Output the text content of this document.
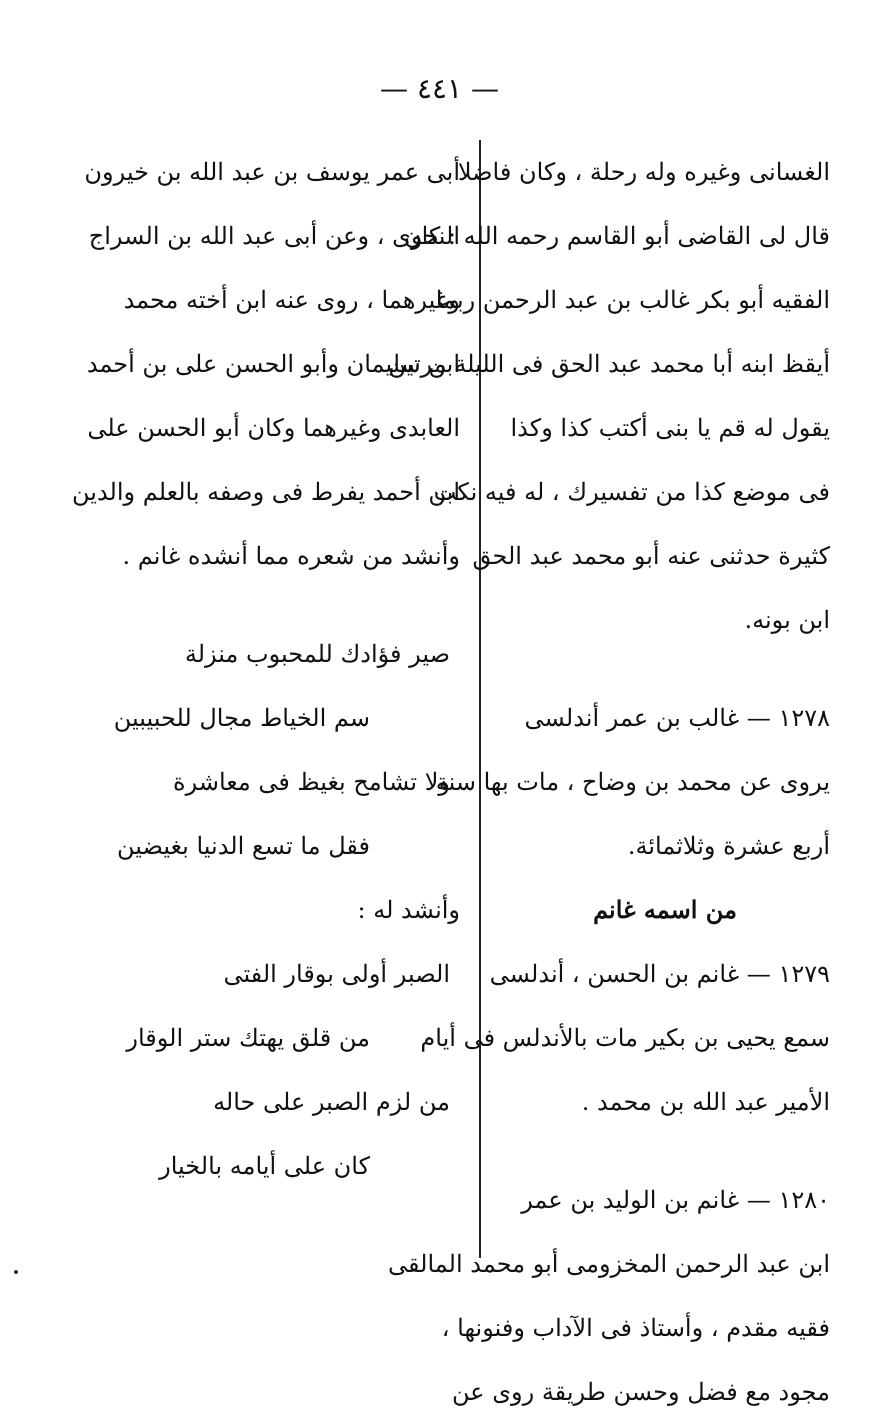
— ٤٤١ —
الغسانى وغيره وله رحلة ، وكان فاضلا
قال لى القاضى أبو القاسم رحمه الله : كان
الفقيه أبو بكر غالب بن عبد الرحمن ربما
أيقظ ابنه أبا محمد عبد الحق فى الليلة مرتين
يقول له قم يا بنى أكتب كذا وكذا
فى موضع كذا من تفسيرك ، له فيه نكت
كثيرة حدثنى عنه أبو محمد عبد الحق
ابن بونه.
١٢٧٨ — غالب بن عمر أندلسى
يروى عن محمد بن وضاح ، مات بها سنة
أربع عشرة وثلاثمائة.
من اسمه غانم
١٢٧٩ — غانم بن الحسن ، أندلسى
سمع يحيى بن بكير مات بالأندلس فى أيام
الأمير عبد الله بن محمد .
١٢٨٠ — غانم بن الوليد بن عمر
ابن عبد الرحمن المخزومى أبو محمد المالقى
فقيه مقدم ، وأستاذ فى الآداب وفنونها ،
مجود مع فضل وحسن طريقة روى عن
أبى عمر يوسف بن عبد الله بن خيرون
النحوى ، وعن أبى عبد الله بن السراج
وغيرهما ، روى عنه ابن أخته محمد
ابن سليمان وأبو الحسن على بن أحمد
العابدى وغيرهما وكان أبو الحسن على
ابن أحمد يفرط فى وصفه بالعلم والدين
وأنشد من شعره مما أنشده غانم .
صير فؤادك للمحبوب منزلة
سم الخياط مجال للحبيبين
ولا تشامح بغيظ فى معاشرة
فقل ما تسع الدنيا بغيضين
وأنشد له :
الصبر أولى بوقار الفتى
من قلق يهتك ستر الوقار
من لزم الصبر على حاله
كان على أيامه بالخيار
